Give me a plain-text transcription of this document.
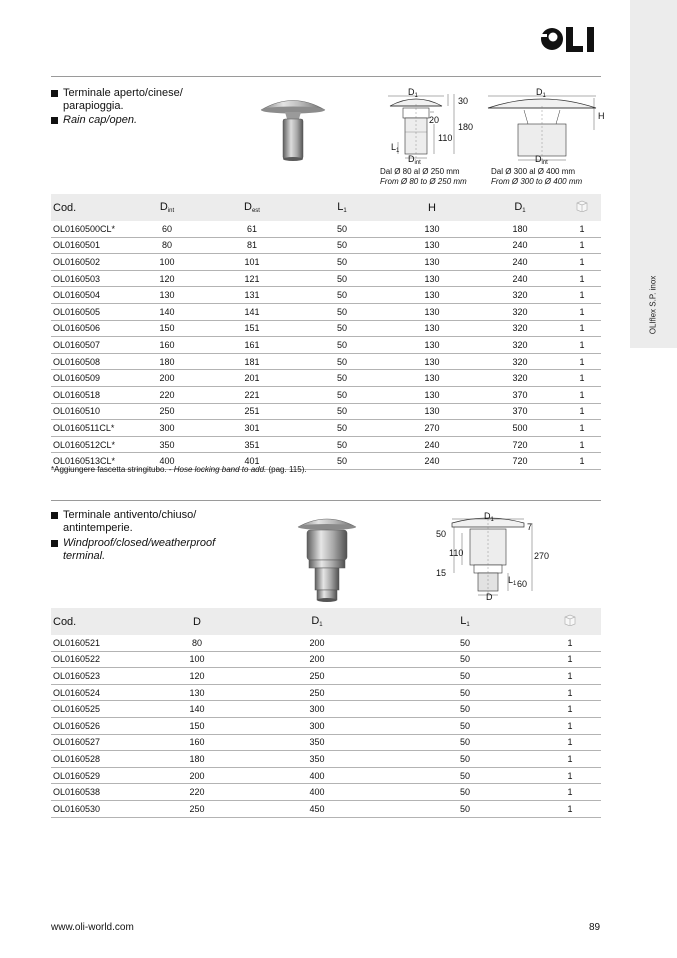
OLIflex S.P. inox
Terminale aperto/cinese/
parapioggia.
Rain cap/open.
$D_1$	30
20
180
110
$L_1$
$D_{int}$
Dal Ø 80 al Ø 250 mm
From Ø 80 to Ø 250 mm
$D_1$
H
$D_{int}$
Dal Ø 300 al Ø 400 mm
From Ø 300 to Ø 400 mm
Cod.	$D_{int}$	$D_{est}$	$L_1$	H	$D_1$	
OL0160500CL*	60	61	50	130	180	1
OL0160501	80	81	50	130	240	1
OL0160502	100	101	50	130	240	1
OL0160503	120	121	50	130	240	1
OL0160504	130	131	50	130	320	1
OL0160505	140	141	50	130	320	1
OL0160506	150	151	50	130	320	1
OL0160507	160	161	50	130	320	1
OL0160508	180	181	50	130	320	1
OL0160509	200	201	50	130	320	1
OL0160518	220	221	50	130	370	1
OL0160510	250	251	50	130	370	1
OL0160511CL*	300	301	50	270	500	1
OL0160512CL*	350	351	50	240	720	1
OL0160513CL*	400	401	50	240	720	1
*Aggiungere fascetta stringitubo. - Hose locking band to add. (pag. 115).
Terminale antivento/chiuso/
antintemperie.
Windproof/closed/weatherproof
terminal.
$D_1$
7
50
110	270
15
$L_1$ 60
D
Cod.	D	$D_1$	$L_1$	
OL0160521	80	200	50	1
OL0160522	100	200	50	1
OL0160523	120	250	50	1
OL0160524	130	250	50	1
OL0160525	140	300	50	1
OL0160526	150	300	50	1
OL0160527	160	350	50	1
OL0160528	180	350	50	1
OL0160529	200	400	50	1
OL0160538	220	400	50	1
OL0160530	250	450	50	1
www.oli-world.com	89
